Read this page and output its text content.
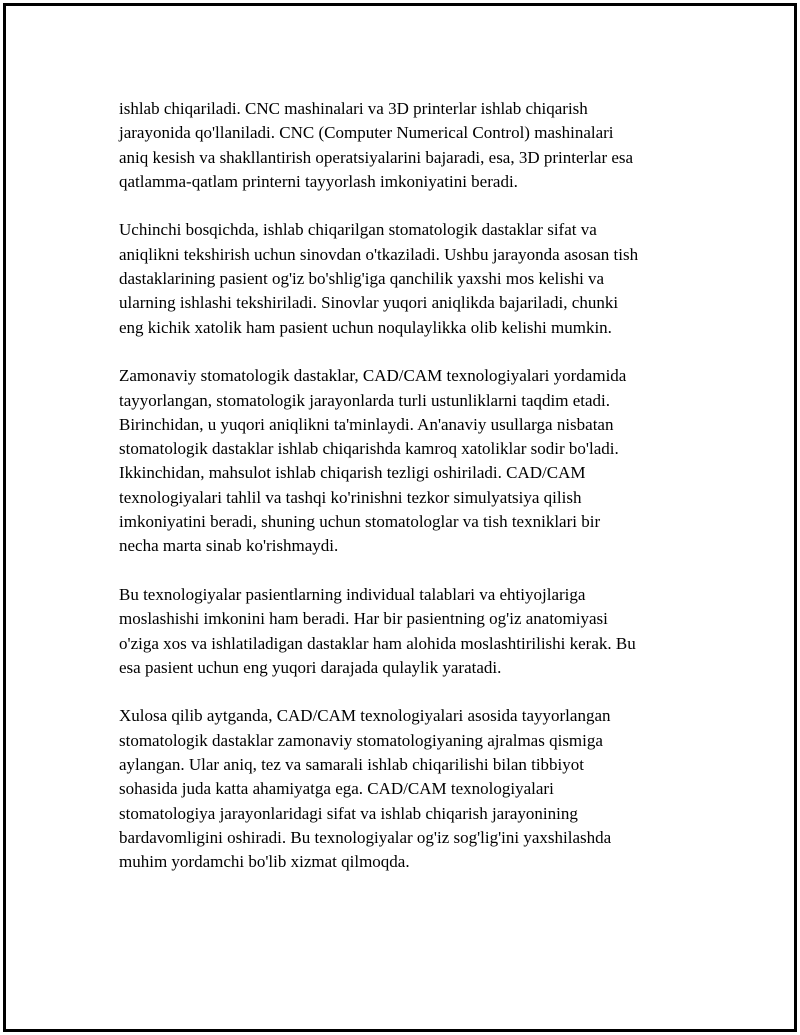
ishlab chiqariladi. CNC mashinalari va 3D printerlar ishlab chiqarish
jarayonida qo'llaniladi. CNC (Computer Numerical Control) mashinalari
aniq kesish va shakllantirish operatsiyalarini bajaradi, esa, 3D printerlar esa
qatlamma-qatlam printerni tayyorlash imkoniyatini beradi.

Uchinchi bosqichda, ishlab chiqarilgan stomatologik dastaklar sifat va
aniqlikni tekshirish uchun sinovdan o'tkaziladi. Ushbu jarayonda asosan tish
dastaklarining pasient og'iz bo'shlig'iga qanchilik yaxshi mos kelishi va
ularning ishlashi tekshiriladi. Sinovlar yuqori aniqlikda bajariladi, chunki
eng kichik xatolik ham pasient uchun noqulaylikka olib kelishi mumkin.

Zamonaviy stomatologik dastaklar, CAD/CAM texnologiyalari yordamida
tayyorlangan, stomatologik jarayonlarda turli ustunliklarni taqdim etadi.
Birinchidan, u yuqori aniqlikni ta'minlaydi. An'anaviy usullarga nisbatan
stomatologik dastaklar ishlab chiqarishda kamroq xatoliklar sodir bo'ladi.
Ikkinchidan, mahsulot ishlab chiqarish tezligi oshiriladi. CAD/CAM
texnologiyalari tahlil va tashqi ko'rinishni tezkor simulyatsiya qilish
imkoniyatini beradi, shuning uchun stomatologlar va tish texniklari bir
necha marta sinab ko'rishmaydi.

Bu texnologiyalar pasientlarning individual talablari va ehtiyojlariga
moslashishi imkonini ham beradi. Har bir pasientning og'iz anatomiyasi
o'ziga xos va ishlatiladigan dastaklar ham alohida moslashtirilishi kerak. Bu
esa pasient uchun eng yuqori darajada qulaylik yaratadi.

Xulosa qilib aytganda, CAD/CAM texnologiyalari asosida tayyorlangan
stomatologik dastaklar zamonaviy stomatologiyaning ajralmas qismiga
aylangan. Ular aniq, tez va samarali ishlab chiqarilishi bilan tibbiyot
sohasida juda katta ahamiyatga ega. CAD/CAM texnologiyalari
stomatologiya jarayonlaridagi sifat va ishlab chiqarish jarayonining
bardavomligini oshiradi. Bu texnologiyalar og'iz sog'lig'ini yaxshilashda
muhim yordamchi bo'lib xizmat qilmoqda.
